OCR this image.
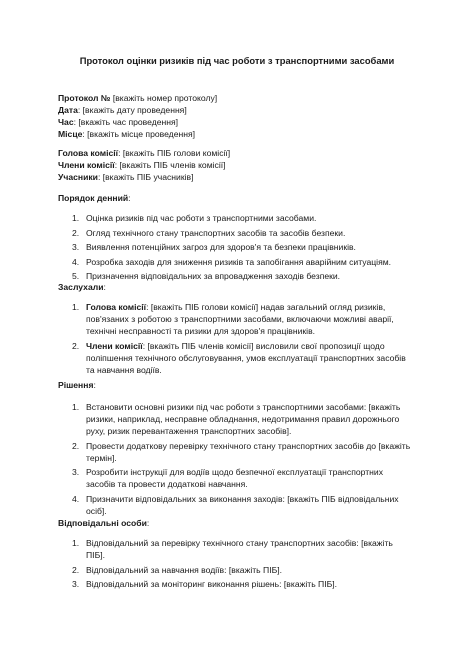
Протокол оцінки ризиків під час роботи з транспортними засобами
Протокол № [вкажіть номер протоколу]
Дата: [вкажіть дату проведення]
Час: [вкажіть час проведення]
Місце: [вкажіть місце проведення]
Голова комісії: [вкажіть ПІБ голови комісії]
Члени комісії: [вкажіть ПІБ членів комісії]
Учасники: [вкажіть ПІБ учасників]
Порядок денний:
1. Оцінка ризиків під час роботи з транспортними засобами.
2. Огляд технічного стану транспортних засобів та засобів безпеки.
3. Виявлення потенційних загроз для здоров'я та безпеки працівників.
4. Розробка заходів для зниження ризиків та запобігання аварійним ситуаціям.
5. Призначення відповідальних за впровадження заходів безпеки.
Заслухали:
1. Голова комісії: [вкажіть ПІБ голови комісії] надав загальний огляд ризиків,
пов'язаних з роботою з транспортними засобами, включаючи можливі аварії,
технічні несправності та ризики для здоров'я працівників.
2. Члени комісії: [вкажіть ПІБ членів комісії] висловили свої пропозиції щодо
поліпшення технічного обслуговування, умов експлуатації транспортних засобів
та навчання водіїв.
Рішення:
1. Встановити основні ризики під час роботи з транспортними засобами: [вкажіть
ризики, наприклад, несправне обладнання, недотримання правил дорожнього
руху, ризик перевантаження транспортних засобів].
2. Провести додаткову перевірку технічного стану транспортних засобів до [вкажіть
термін].
3. Розробити інструкції для водіїв щодо безпечної експлуатації транспортних
засобів та провести додаткові навчання.
4. Призначити відповідальних за виконання заходів: [вкажіть ПІБ відповідальних
осіб].
Відповідальні особи:
1. Відповідальний за перевірку технічного стану транспортних засобів: [вкажіть
ПІБ].
2. Відповідальний за навчання водіїв: [вкажіть ПІБ].
3. Відповідальний за моніторинг виконання рішень: [вкажіть ПІБ].
